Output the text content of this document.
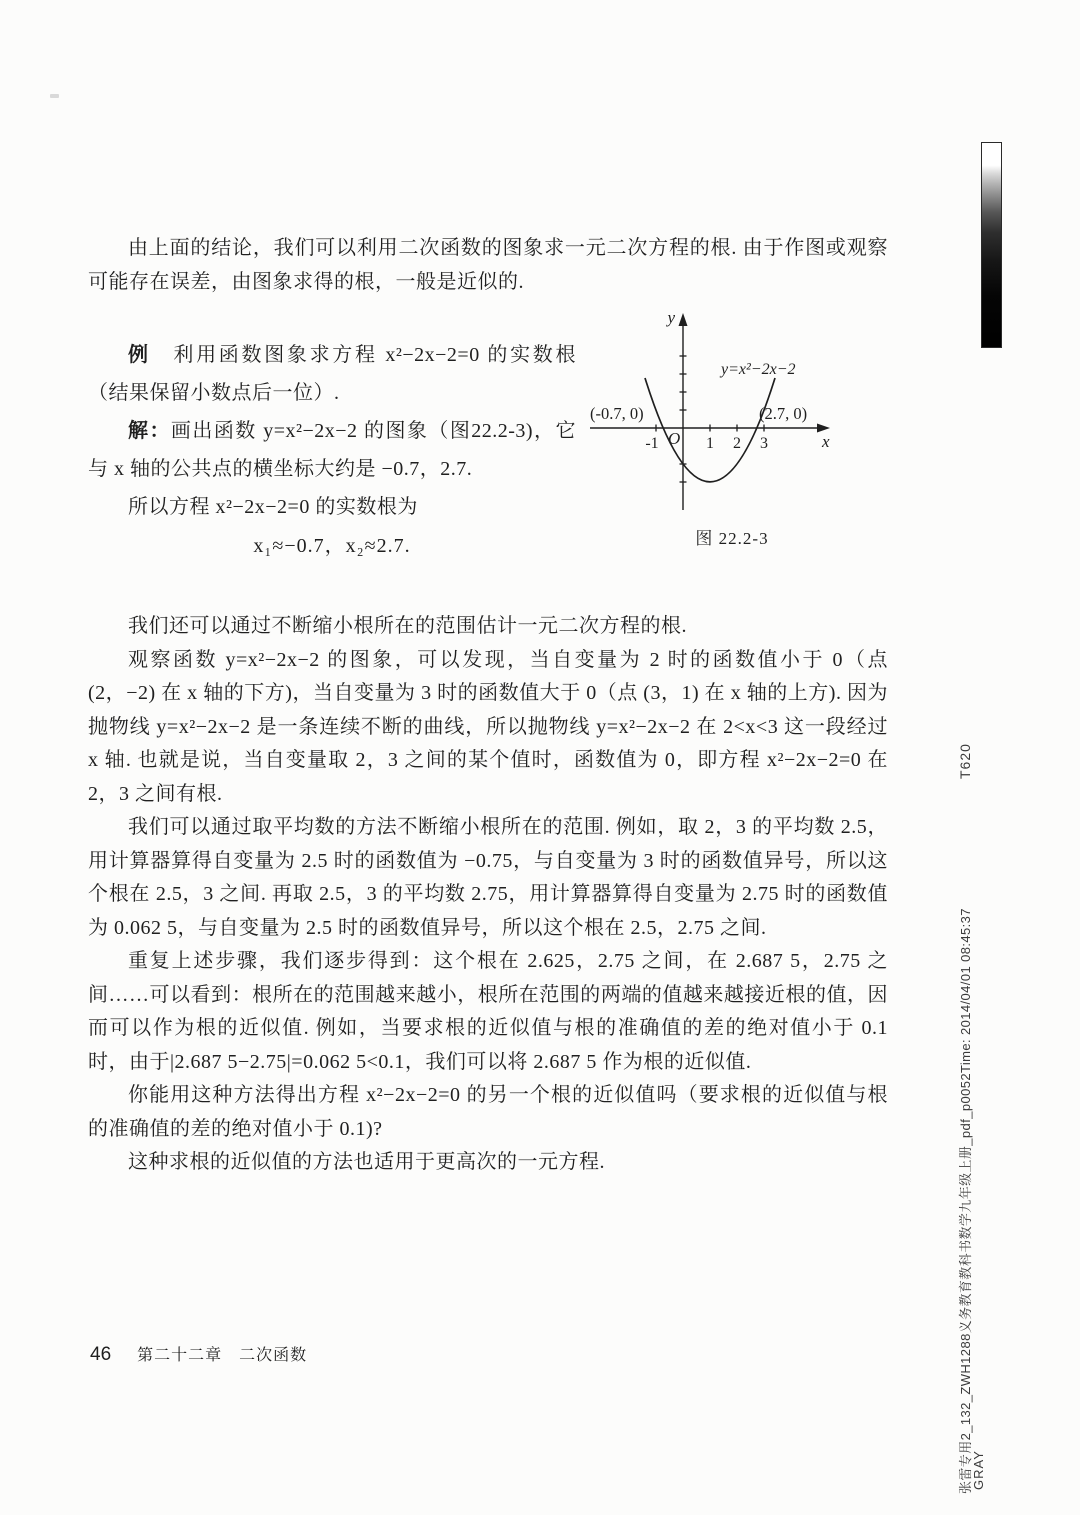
由上面的结论，我们可以利用二次函数的图象求一元二次方程的根. 由于作图或观察可能存在误差，由图象求得的根，一般是近似的.

例　利用函数图象求方程 x²−2x−2=0 的实数根（结果保留小数点后一位）.

解：画出函数 y=x²−2x−2 的图象（图22.2-3)，它与 x 轴的公共点的横坐标大约是 −0.7，2.7.

所以方程 x²−2x−2=0 的实数根为

x₁≈−0.7，x₂≈2.7.

y
x
O
-1	1 2 3
(-0.7, 0)	(2.7, 0)
y=x²−2x−2
图 22.2-3

我们还可以通过不断缩小根所在的范围估计一元二次方程的根.

观察函数 y=x²−2x−2 的图象，可以发现，当自变量为 2 时的函数值小于 0（点 (2，−2) 在 x 轴的下方)，当自变量为 3 时的函数值大于 0（点 (3，1) 在 x 轴的上方). 因为抛物线 y=x²−2x−2 是一条连续不断的曲线，所以抛物线 y=x²−2x−2 在 2<x<3 这一段经过 x 轴. 也就是说，当自变量取 2，3 之间的某个值时，函数值为 0，即方程 x²−2x−2=0 在 2，3 之间有根.

我们可以通过取平均数的方法不断缩小根所在的范围. 例如，取 2，3 的平均数 2.5，用计算器算得自变量为 2.5 时的函数值为 −0.75，与自变量为 3 时的函数值异号，所以这个根在 2.5，3 之间. 再取 2.5，3 的平均数 2.75，用计算器算得自变量为 2.75 时的函数值为 0.062 5，与自变量为 2.5 时的函数值异号，所以这个根在 2.5，2.75 之间.

重复上述步骤，我们逐步得到：这个根在 2.625，2.75 之间，在 2.687 5，2.75 之间……可以看到：根所在的范围越来越小，根所在范围的两端的值越来越接近根的值，因而可以作为根的近似值. 例如，当要求根的近似值与根的准确值的差的绝对值小于 0.1 时，由于|2.687 5−2.75|=0.062 5<0.1，我们可以将 2.687 5 作为根的近似值.

你能用这种方法得出方程 x²−2x−2=0 的另一个根的近似值吗（要求根的近似值与根的准确值的差的绝对值小于 0.1)?

这种求根的近似值的方法也适用于更高次的一元方程.

46 第二十二章　二次函数
T620
张雷专用2_132_ZWH1288义务教育教科书数学九年级上册_pdf_p0052Time: 2014/04/01 08:45:37
GRAY
